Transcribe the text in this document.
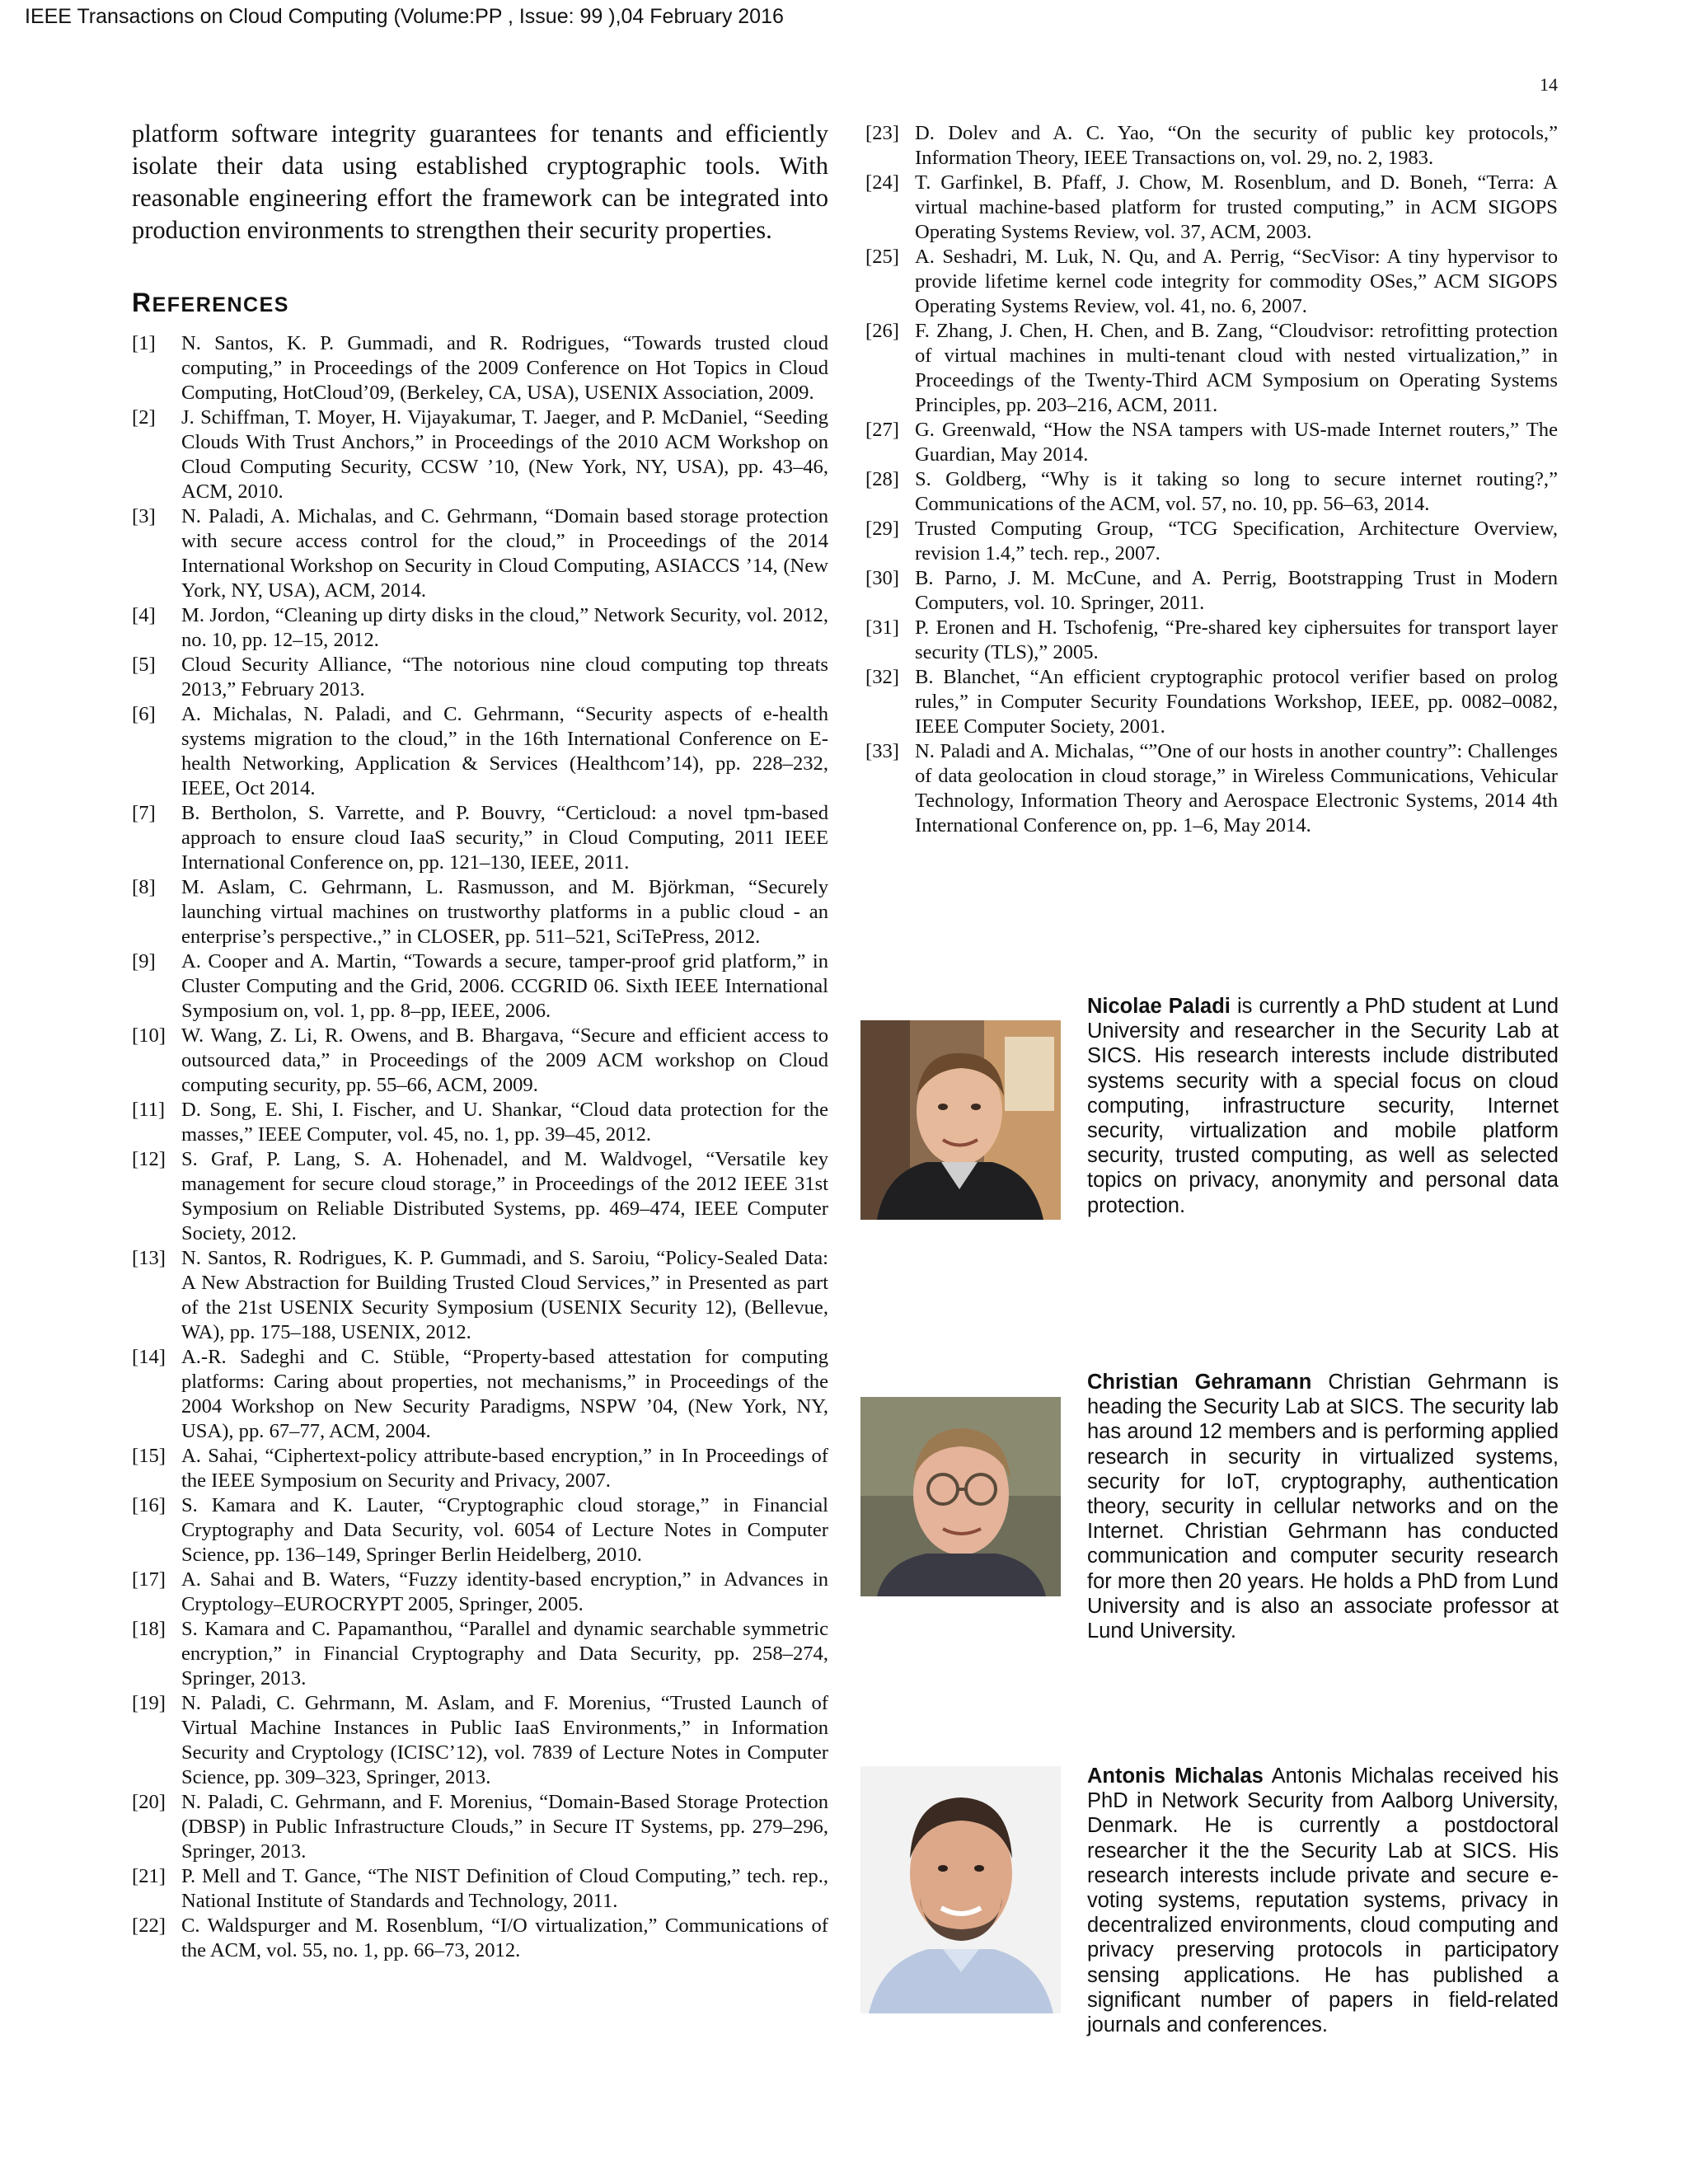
IEEE Transactions on Cloud Computing (Volume:PP , Issue: 99 ),04 February 2016
14

platform software integrity guarantees for tenants and efficiently isolate their data using established cryptographic tools. With reasonable engineering effort the framework can be integrated into production environments to strengthen their security properties.

REFERENCES
[1]	N. Santos, K. P. Gummadi, and R. Rodrigues, “Towards trusted cloud computing,” in Proceedings of the 2009 Conference on Hot Topics in Cloud Computing, HotCloud’09, (Berkeley, CA, USA), USENIX Association, 2009.
[2]	J. Schiffman, T. Moyer, H. Vijayakumar, T. Jaeger, and P. McDaniel, “Seeding Clouds With Trust Anchors,” in Proceedings of the 2010 ACM Workshop on Cloud Computing Security, CCSW ’10, (New York, NY, USA), pp. 43–46, ACM, 2010.
[3]	N. Paladi, A. Michalas, and C. Gehrmann, “Domain based storage protection with secure access control for the cloud,” in Proceedings of the 2014 International Workshop on Security in Cloud Computing, ASIACCS ’14, (New York, NY, USA), ACM, 2014.
[4]	M. Jordon, “Cleaning up dirty disks in the cloud,” Network Security, vol. 2012, no. 10, pp. 12–15, 2012.
[5]	Cloud Security Alliance, “The notorious nine cloud computing top threats 2013,” February 2013.
[6]	A. Michalas, N. Paladi, and C. Gehrmann, “Security aspects of e-health systems migration to the cloud,” in the 16th International Conference on E-health Networking, Application & Services (Healthcom’14), pp. 228–232, IEEE, Oct 2014.
[7]	B. Bertholon, S. Varrette, and P. Bouvry, “Certicloud: a novel tpm-based approach to ensure cloud IaaS security,” in Cloud Computing, 2011 IEEE International Conference on, pp. 121–130, IEEE, 2011.
[8]	M. Aslam, C. Gehrmann, L. Rasmusson, and M. Björkman, “Securely launching virtual machines on trustworthy platforms in a public cloud - an enterprise’s perspective.,” in CLOSER, pp. 511–521, SciTePress, 2012.
[9]	A. Cooper and A. Martin, “Towards a secure, tamper-proof grid platform,” in Cluster Computing and the Grid, 2006. CCGRID 06. Sixth IEEE International Symposium on, vol. 1, pp. 8–pp, IEEE, 2006.
[10] W. Wang, Z. Li, R. Owens, and B. Bhargava, “Secure and efficient access to outsourced data,” in Proceedings of the 2009 ACM workshop on Cloud computing security, pp. 55–66, ACM, 2009.
[11] D. Song, E. Shi, I. Fischer, and U. Shankar, “Cloud data protection for the masses,” IEEE Computer, vol. 45, no. 1, pp. 39–45, 2012.
[12] S. Graf, P. Lang, S. A. Hohenadel, and M. Waldvogel, “Versatile key management for secure cloud storage,” in Proceedings of the 2012 IEEE 31st Symposium on Reliable Distributed Systems, pp. 469–474, IEEE Computer Society, 2012.
[13] N. Santos, R. Rodrigues, K. P. Gummadi, and S. Saroiu, “Policy-Sealed Data: A New Abstraction for Building Trusted Cloud Services,” in Presented as part of the 21st USENIX Security Symposium (USENIX Security 12), (Bellevue, WA), pp. 175–188, USENIX, 2012.
[14] A.-R. Sadeghi and C. Stüble, “Property-based attestation for computing platforms: Caring about properties, not mechanisms,” in Proceedings of the 2004 Workshop on New Security Paradigms, NSPW ’04, (New York, NY, USA), pp. 67–77, ACM, 2004.
[15] A. Sahai, “Ciphertext-policy attribute-based encryption,” in In Proceedings of the IEEE Symposium on Security and Privacy, 2007.
[16] S. Kamara and K. Lauter, “Cryptographic cloud storage,” in Financial Cryptography and Data Security, vol. 6054 of Lecture Notes in Computer Science, pp. 136–149, Springer Berlin Heidelberg, 2010.
[17] A. Sahai and B. Waters, “Fuzzy identity-based encryption,” in Advances in Cryptology–EUROCRYPT 2005, Springer, 2005.
[18] S. Kamara and C. Papamanthou, “Parallel and dynamic searchable symmetric encryption,” in Financial Cryptography and Data Security, pp. 258–274, Springer, 2013.
[19] N. Paladi, C. Gehrmann, M. Aslam, and F. Morenius, “Trusted Launch of Virtual Machine Instances in Public IaaS Environments,” in Information Security and Cryptology (ICISC’12), vol. 7839 of Lecture Notes in Computer Science, pp. 309–323, Springer, 2013.
[20] N. Paladi, C. Gehrmann, and F. Morenius, “Domain-Based Storage Protection (DBSP) in Public Infrastructure Clouds,” in Secure IT Systems, pp. 279–296, Springer, 2013.
[21] P. Mell and T. Gance, “The NIST Definition of Cloud Computing,” tech. rep., National Institute of Standards and Technology, 2011.
[22] C. Waldspurger and M. Rosenblum, “I/O virtualization,” Communications of the ACM, vol. 55, no. 1, pp. 66–73, 2012.
[23] D. Dolev and A. C. Yao, “On the security of public key protocols,” Information Theory, IEEE Transactions on, vol. 29, no. 2, 1983.
[24] T. Garfinkel, B. Pfaff, J. Chow, M. Rosenblum, and D. Boneh, “Terra: A virtual machine-based platform for trusted computing,” in ACM SIGOPS Operating Systems Review, vol. 37, ACM, 2003.
[25] A. Seshadri, M. Luk, N. Qu, and A. Perrig, “SecVisor: A tiny hypervisor to provide lifetime kernel code integrity for commodity OSes,” ACM SIGOPS Operating Systems Review, vol. 41, no. 6, 2007.
[26] F. Zhang, J. Chen, H. Chen, and B. Zang, “Cloudvisor: retrofitting protection of virtual machines in multi-tenant cloud with nested virtualization,” in Proceedings of the Twenty-Third ACM Symposium on Operating Systems Principles, pp. 203–216, ACM, 2011.
[27] G. Greenwald, “How the NSA tampers with US-made Internet routers,” The Guardian, May 2014.
[28] S. Goldberg, “Why is it taking so long to secure internet routing?,” Communications of the ACM, vol. 57, no. 10, pp. 56–63, 2014.
[29] Trusted Computing Group, “TCG Specification, Architecture Overview, revision 1.4,” tech. rep., 2007.
[30] B. Parno, J. M. McCune, and A. Perrig, Bootstrapping Trust in Modern Computers, vol. 10. Springer, 2011.
[31] P. Eronen and H. Tschofenig, “Pre-shared key ciphersuites for transport layer security (TLS),” 2005.
[32] B. Blanchet, “An efficient cryptographic protocol verifier based on prolog rules,” in Computer Security Foundations Workshop, IEEE, pp. 0082–0082, IEEE Computer Society, 2001.
[33] N. Paladi and A. Michalas, “”One of our hosts in another country”: Challenges of data geolocation in cloud storage,” in Wireless Communications, Vehicular Technology, Information Theory and Aerospace Electronic Systems, 2014 4th International Conference on, pp. 1–6, May 2014.
Nicolae Paladi is currently a PhD student at Lund University and researcher in the Security Lab at SICS. His research interests include distributed systems security with a special focus on cloud computing, infrastructure security, Internet security, virtualization and mobile platform security, trusted computing, as well as selected topics on privacy, anonymity and personal data protection.
Christian Gehramann Christian Gehrmann is heading the Security Lab at SICS. The security lab has around 12 members and is performing applied research in security in virtualized systems, security for IoT, cryptography, authentication theory, security in cellular networks and on the Internet. Christian Gehrmann has conducted communication and computer security research for more then 20 years. He holds a PhD from Lund University and is also an associate professor at Lund University.
Antonis Michalas Antonis Michalas received his PhD in Network Security from Aalborg University, Denmark. He is currently a postdoctoral researcher it the the Security Lab at SICS. His research interests include private and secure e-voting systems, reputation systems, privacy in decentralized environments, cloud computing and privacy preserving protocols in participatory sensing applications. He has published a significant number of papers in field-related journals and conferences.
